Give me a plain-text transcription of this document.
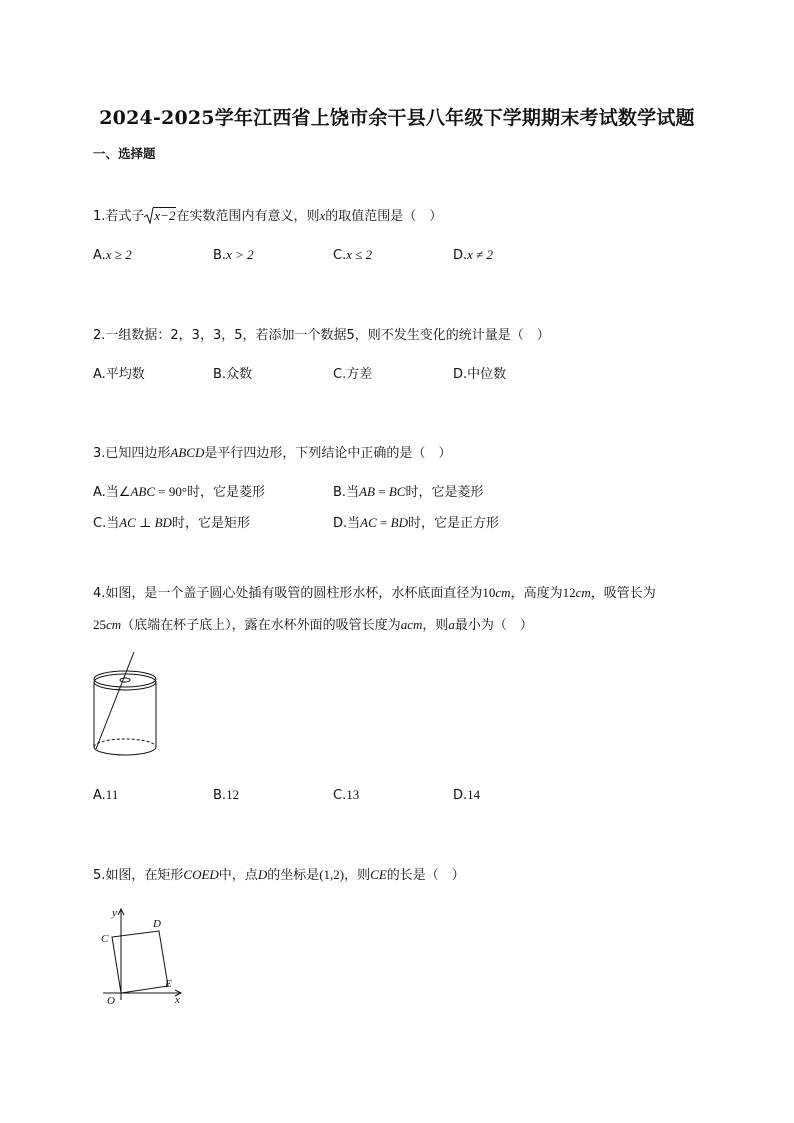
2024-2025学年江西省上饶市余干县八年级下学期期末考试数学试题
一、选择题
1.若式子 x−2在实数范围内有意义，则x的取值范围是（　）
A.x ≥ 2	B.x > 2	C.x ≤ 2	D.x ≠ 2
2.一组数据：2，3，3，5，若添加一个数据5，则不发生变化的统计量是（　）
A.平均数	B.众数	C.方差	D.中位数
3.已知四边形ABCD是平行四边形，下列结论中正确的是（　）
A.当∠ABC = 90°时，它是菱形	B.当AB = BC时，它是菱形
C.当AC ⊥ BD时，它是矩形	D.当AC = BD时，它是正方形
4.如图，是一个盖子圆心处插有吸管的圆柱形水杯，水杯底面直径为10cm，高度为12cm，吸管长为
25cm（底端在杯子底上），露在水杯外面的吸管长度为acm，则a最小为（　）
A.11	B.12	C.13	D.14
5.如图，在矩形COED中，点D的坐标是(1,2)，则CE的长是（　）
y
x
O
C
D
E
